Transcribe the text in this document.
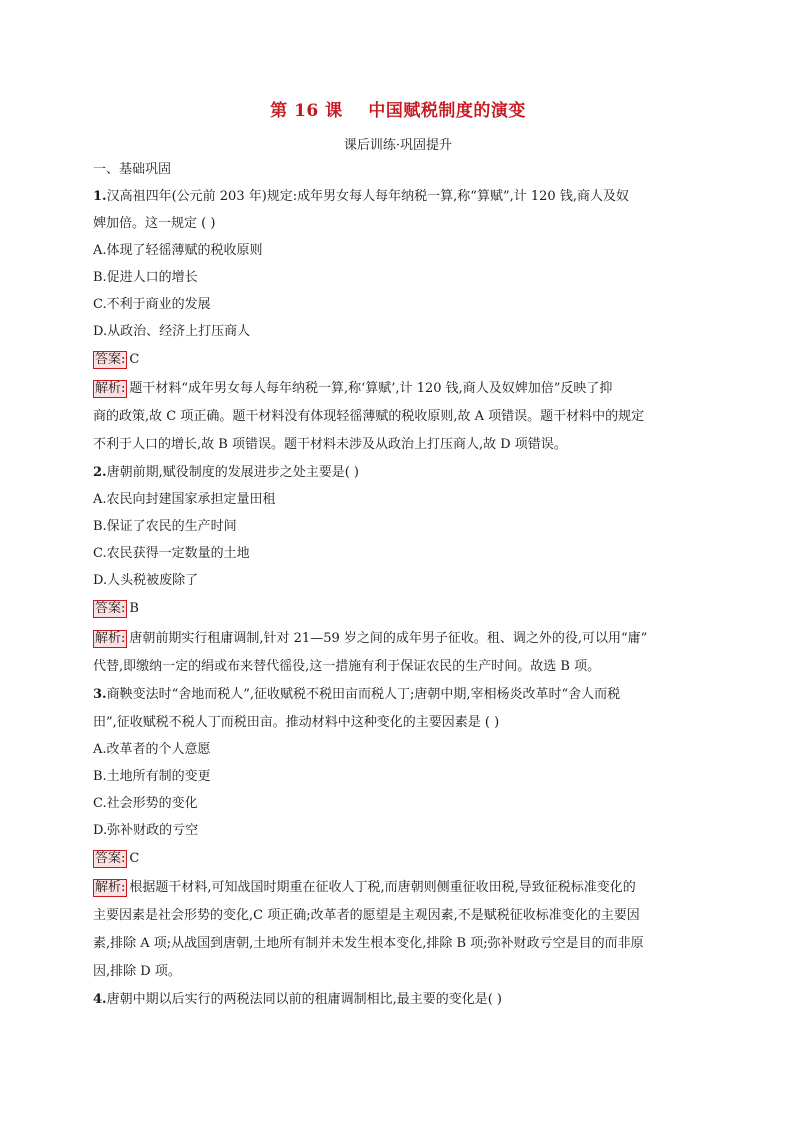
第 16 课    中国赋税制度的演变
课后训练·巩固提升
一、基础巩固
1.汉高祖四年(公元前 203 年)规定:成年男女每人每年纳税一算,称“算赋”,计 120 钱,商人及奴
婢加倍。这一规定 ( )
A.体现了轻徭薄赋的税收原则
B.促进人口的增长
C.不利于商业的发展
D.从政治、经济上打压商人
答案: C
解析: 题干材料“成年男女每人每年纳税一算,称‘算赋’,计 120 钱,商人及奴婢加倍”反映了抑
商的政策,故 C 项正确。题干材料没有体现轻徭薄赋的税收原则,故 A 项错误。题干材料中的规定
不利于人口的增长,故 B 项错误。题干材料未涉及从政治上打压商人,故 D 项错误。
2.唐朝前期,赋役制度的发展进步之处主要是( )
A.农民向封建国家承担定量田租
B.保证了农民的生产时间
C.农民获得一定数量的土地
D.人头税被废除了
答案: B
解析: 唐朝前期实行租庸调制,针对 21—59 岁之间的成年男子征收。租、调之外的役,可以用“庸”
代替,即缴纳一定的绢或布来替代徭役,这一措施有利于保证农民的生产时间。故选 B 项。
3.商鞅变法时“舍地而税人”,征收赋税不税田亩而税人丁;唐朝中期,宰相杨炎改革时“舍人而税
田”,征收赋税不税人丁而税田亩。推动材料中这种变化的主要因素是 ( )
A.改革者的个人意愿
B.土地所有制的变更
C.社会形势的变化
D.弥补财政的亏空
答案: C
解析: 根据题干材料,可知战国时期重在征收人丁税,而唐朝则侧重征收田税,导致征税标准变化的
主要因素是社会形势的变化,C 项正确;改革者的愿望是主观因素,不是赋税征收标准变化的主要因
素,排除 A 项;从战国到唐朝,土地所有制并未发生根本变化,排除 B 项;弥补财政亏空是目的而非原
因,排除 D 项。
4.唐朝中期以后实行的两税法同以前的租庸调制相比,最主要的变化是( )
